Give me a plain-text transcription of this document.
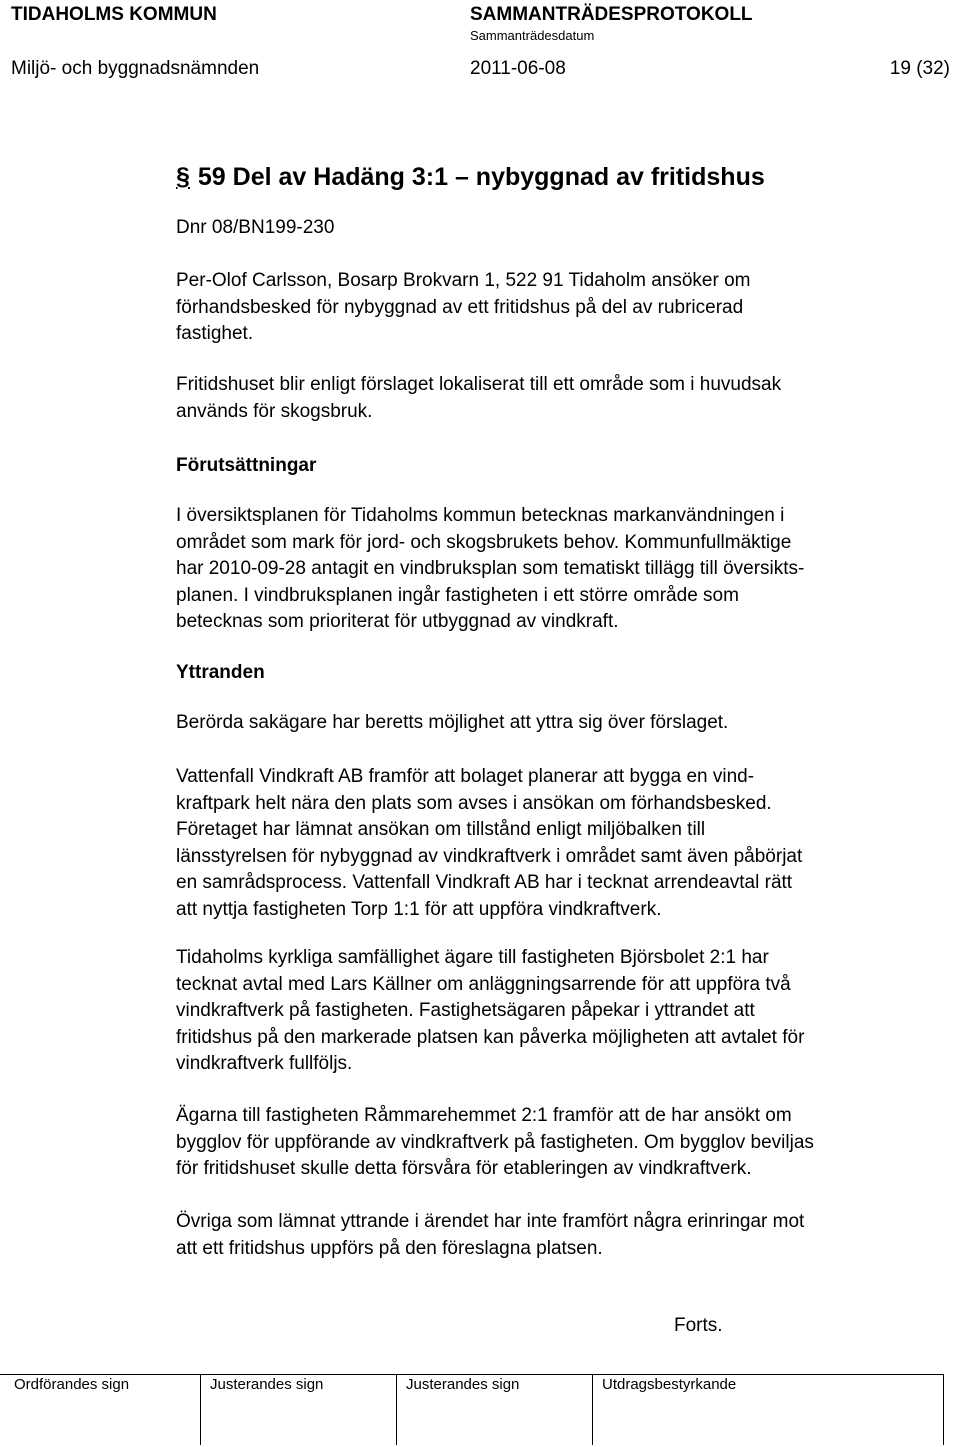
TIDAHOLMS KOMMUN	SAMMANTRÄDESPROTOKOLL
Sammanträdesdatum
Miljö- och byggnadsnämnden	2011-06-08	19 (32)
§ 59 Del av Hadäng 3:1 – nybyggnad av fritidshus
Dnr 08/BN199-230
Per-Olof Carlsson, Bosarp Brokvarn 1, 522 91 Tidaholm ansöker om
förhandsbesked för nybyggnad av ett fritidshus på del av rubricerad
fastighet.
Fritidshuset blir enligt förslaget lokaliserat till ett område som i huvudsak
används för skogsbruk.
Förutsättningar
I översiktsplanen för Tidaholms kommun betecknas markanvändningen i
området som mark för jord- och skogsbrukets behov. Kommunfullmäktige
har 2010-09-28 antagit en vindbruksplan som tematiskt tillägg till översikts-
planen. I vindbruksplanen ingår fastigheten i ett större område som
betecknas som prioriterat för utbyggnad av vindkraft.
Yttranden
Berörda sakägare har beretts möjlighet att yttra sig över förslaget.
Vattenfall Vindkraft AB framför att bolaget planerar att bygga en vind-
kraftpark helt nära den plats som avses i ansökan om förhandsbesked.
Företaget har lämnat ansökan om tillstånd enligt miljöbalken till
länsstyrelsen för nybyggnad av vindkraftverk i området samt även påbörjat
en samrådsprocess. Vattenfall Vindkraft AB har i tecknat arrendeavtal rätt
att nyttja fastigheten Torp 1:1 för att uppföra vindkraftverk.
Tidaholms kyrkliga samfällighet ägare till fastigheten Björsbolet 2:1 har
tecknat avtal med Lars Källner om anläggningsarrende för att uppföra två
vindkraftverk på fastigheten. Fastighetsägaren påpekar i yttrandet att
fritidshus på den markerade platsen kan påverka möjligheten att avtalet för
vindkraftverk fullföljs.
Ägarna till fastigheten Råmmarehemmet 2:1 framför att de har ansökt om
bygglov för uppförande av vindkraftverk på fastigheten. Om bygglov beviljas
för fritidshuset skulle detta försvåra för etableringen av vindkraftverk.
Övriga som lämnat yttrande i ärendet har inte framfört några erinringar mot
att ett fritidshus uppförs på den föreslagna platsen.
Forts.
Ordförandes sign	Justerandes sign	Justerandes sign	Utdragsbestyrkande
